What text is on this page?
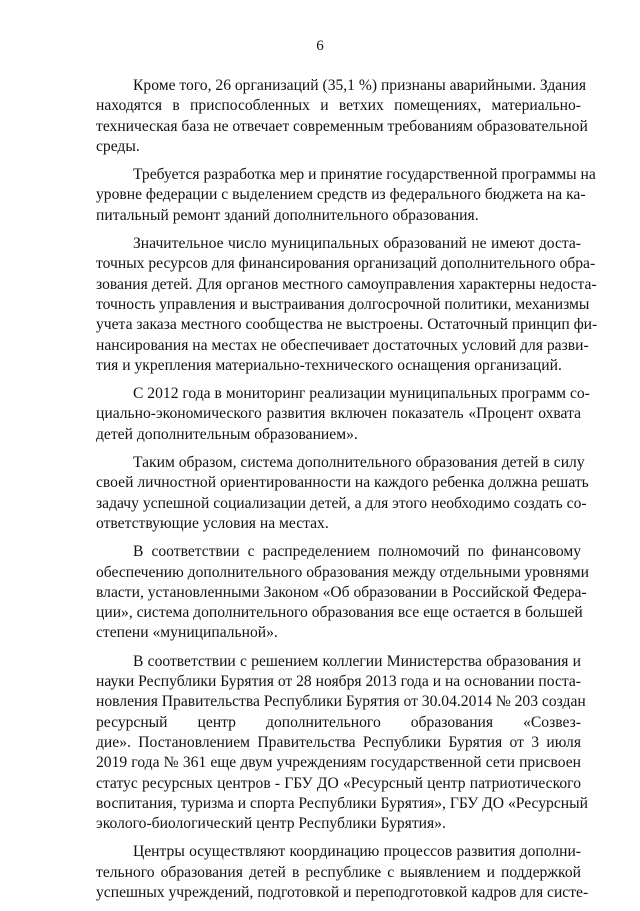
6
Кроме того, 26 организаций (35,1 %) признаны аварийными. Здания
находятся в приспособленных и ветхих помещениях, материально-
техническая база не отвечает современным требованиям образовательной
среды.
Требуется разработка мер и принятие государственной программы на
уровне федерации с выделением средств из федерального бюджета на ка-
питальный ремонт зданий дополнительного образования.
Значительное число муниципальных образований не имеют доста-
точных ресурсов для финансирования организаций дополнительного обра-
зования детей. Для органов местного самоуправления характерны недоста-
точность управления и выстраивания долгосрочной политики, механизмы
учета заказа местного сообщества не выстроены. Остаточный принцип фи-
нансирования на местах не обеспечивает достаточных условий для разви-
тия и укрепления материально-технического оснащения организаций.
С 2012 года в мониторинг реализации муниципальных программ со-
циально-экономического развития включен показатель «Процент охвата
детей дополнительным образованием».
Таким образом, система дополнительного образования детей в силу
своей личностной ориентированности на каждого ребенка должна решать
задачу успешной социализации детей, а для этого необходимо создать со-
ответствующие условия на местах.
В соответствии с распределением полномочий по финансовому
обеспечению дополнительного образования между отдельными уровнями
власти, установленными Законом «Об образовании в Российской Федера-
ции», система дополнительного образования все еще остается в большей
степени «муниципальной».
В соответствии с решением коллегии Министерства образования и
науки Республики Бурятия от 28 ноября 2013 года и на основании поста-
новления Правительства Республики Бурятия от 30.04.2014 № 203 создан
ресурсный центр дополнительного образования «Созвез-
дие». Постановлением Правительства Республики Бурятия от 3 июля
2019 года № 361 еще двум учреждениям государственной сети присвоен
статус ресурсных центров - ГБУ ДО «Ресурсный центр патриотического
воспитания, туризма и спорта Республики Бурятия», ГБУ ДО «Ресурсный
эколого-биологический центр Республики Бурятия».
Центры осуществляют координацию процессов развития дополни-
тельного образования детей в республике с выявлением и поддержкой
успешных учреждений, подготовкой и переподготовкой кадров для систе-
